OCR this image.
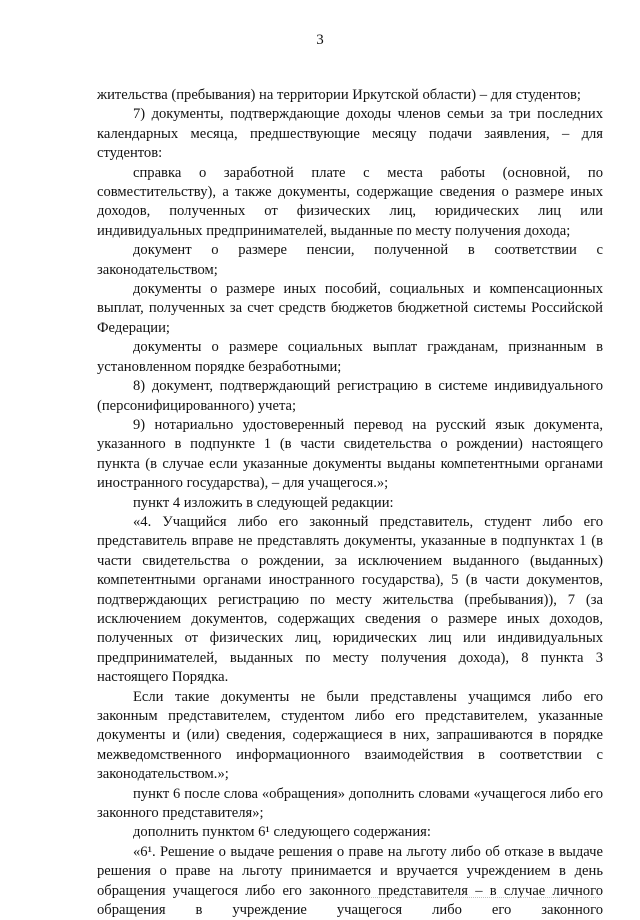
3

жительства (пребывания) на территории Иркутской области) – для студентов;

7) документы, подтверждающие доходы членов семьи за три последних календарных месяца, предшествующие месяцу подачи заявления, – для студентов:

справка о заработной плате с места работы (основной, по совместительству), а также документы, содержащие сведения о размере иных доходов, полученных от физических лиц, юридических лиц или индивидуальных предпринимателей, выданные по месту получения дохода;

документ о размере пенсии, полученной в соответствии с законодательством;

документы о размере иных пособий, социальных и компенсационных выплат, полученных за счет средств бюджетов бюджетной системы Российской Федерации;

документы о размере социальных выплат гражданам, признанным в установленном порядке безработными;

8) документ, подтверждающий регистрацию в системе индивидуального (персонифицированного) учета;

9) нотариально удостоверенный перевод на русский язык документа, указанного в подпункте 1 (в части свидетельства о рождении) настоящего пункта (в случае если указанные документы выданы компетентными органами иностранного государства), – для учащегося.»;

пункт 4 изложить в следующей редакции:

«4. Учащийся либо его законный представитель, студент либо его представитель вправе не представлять документы, указанные в подпунктах 1 (в части свидетельства о рождении, за исключением выданного (выданных) компетентными органами иностранного государства), 5 (в части документов, подтверждающих регистрацию по месту жительства (пребывания)), 7 (за исключением документов, содержащих сведения о размере иных доходов, полученных от физических лиц, юридических лиц или индивидуальных предпринимателей, выданных по месту получения дохода), 8 пункта 3 настоящего Порядка.

Если такие документы не были представлены учащимся либо его законным представителем, студентом либо его представителем, указанные документы и (или) сведения, содержащиеся в них, запрашиваются в порядке межведомственного информационного взаимодействия в соответствии с законодательством.»;

пункт 6 после слова «обращения» дополнить словами «учащегося либо его законного представителя»;

дополнить пунктом 6¹ следующего содержания:

«6¹. Решение о выдаче решения о праве на льготу либо об отказе в выдаче решения о праве на льготу принимается и вручается учреждением в день обращения учащегося либо его законного представителя – в случае личного обращения в учреждение учащегося либо его законного
